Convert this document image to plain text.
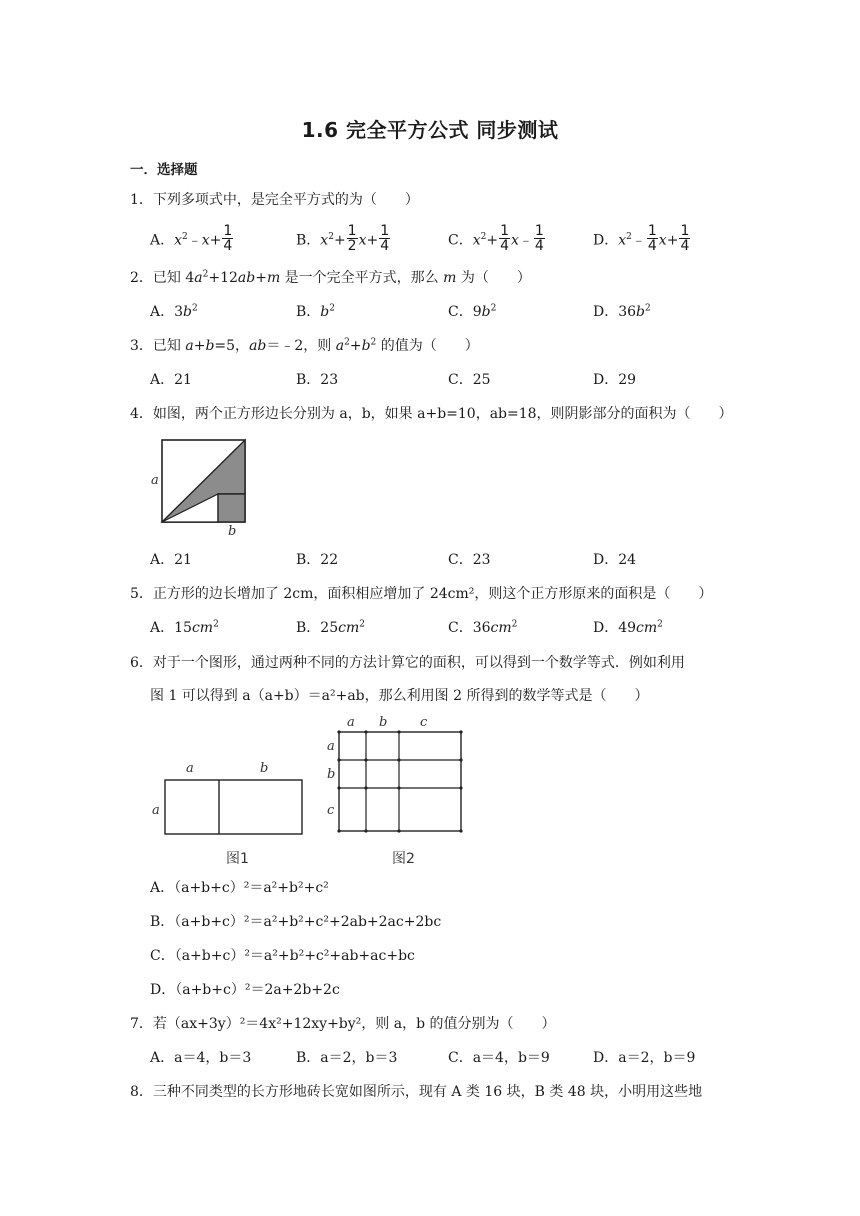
1.6 完全平方公式 同步测试
一．选择题
1．下列多项式中，是完全平方式的为（　　）
A．$x^2﹣x+ \frac{1}{4}$	B．$x^2+ \frac{1}{2} x+ \frac{1}{4}$	C．$x^2+ \frac{1}{4}$ x﹣ $\frac{1}{4}$	D．$x^2﹣ \frac{1}{4} x+ \frac{1}{4}$
2．已知 $4a^2+12ab+m$ 是一个完全平方式，那么 m 为（　　）
A．$3b^2$	B．$b^2$	C．$9b^2$	D．$36b^2$
3．已知 a+b=5，ab＝﹣2，则 $a^2+b^2$ 的值为（　　）
A．21	B．23	C．25	D．29
4．如图，两个正方形边长分别为 a，b，如果 a+b=10，ab=18，则阴影部分的面积为（　　）
a
b
A．21	B．22	C．23	D．24
5．正方形的边长增加了 2cm，面积相应增加了 24cm²，则这个正方形原来的面积是（　　）
A．$15cm^2$	B．$25cm^2$	C．$36cm^2$	D．$49cm^2$
6．对于一个图形，通过两种不同的方法计算它的面积，可以得到一个数学等式．例如利用
图 1 可以得到 a（a+b）＝a²+ab，那么利用图 2 所得到的数学等式是（　　）
a	b
a
图1
a b	c
a
b
c
图2
A．（a+b+c）²＝a²+b²+c²
B．（a+b+c）²＝a²+b²+c²+2ab+2ac+2bc
C．（a+b+c）²＝a²+b²+c²+ab+ac+bc
D．（a+b+c）²＝2a+2b+2c
7．若（ax+3y）²＝4x²+12xy+by²，则 a，b 的值分别为（　　）
A．a＝4，b＝3	B．a＝2，b＝3	C．a＝4，b＝9	D．a＝2，b＝9
8．三种不同类型的长方形地砖长宽如图所示，现有 A 类 16 块，B 类 48 块，小明用这些地
